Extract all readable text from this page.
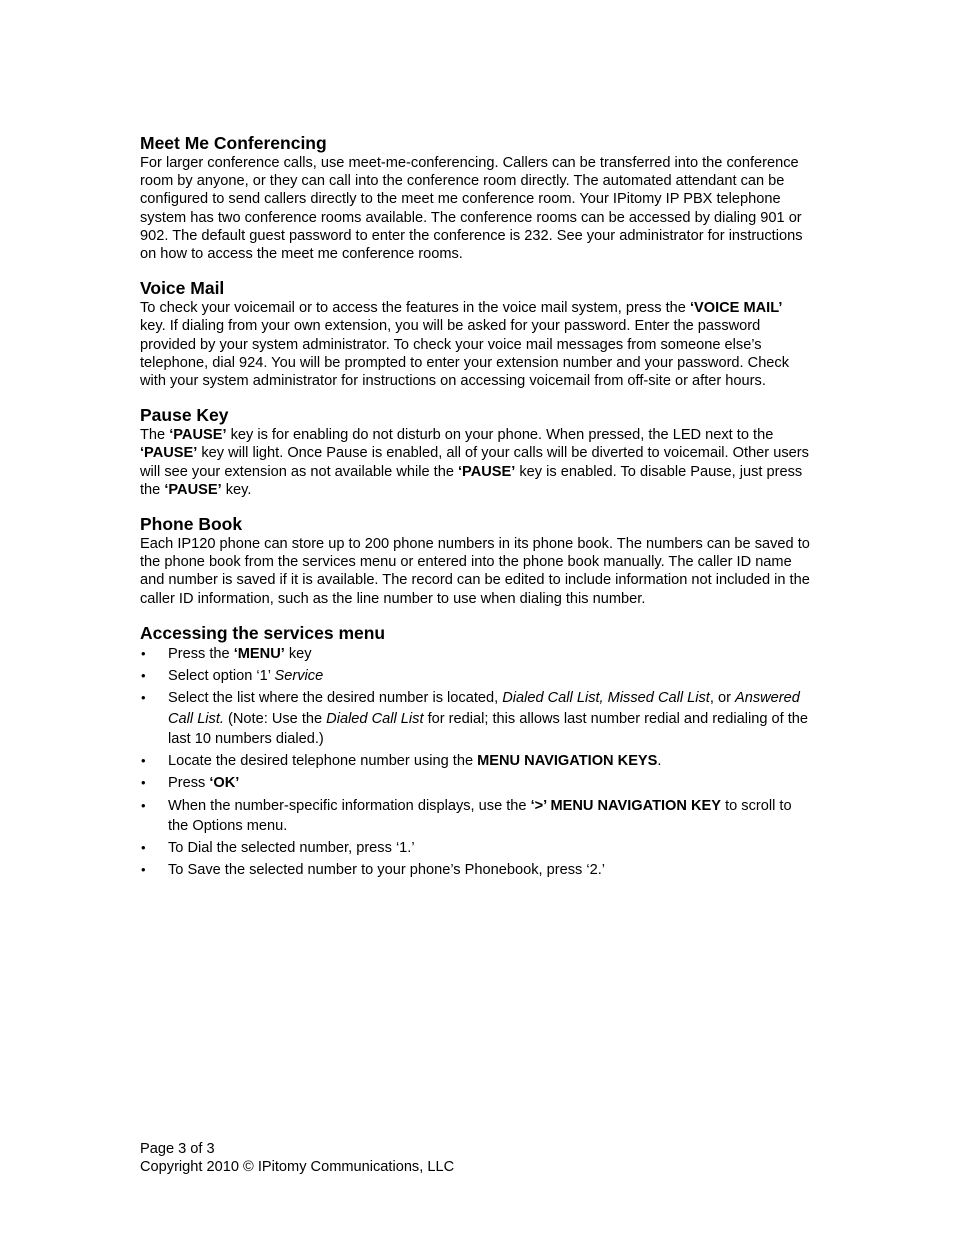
Meet Me Conferencing

For larger conference calls, use meet-me-conferencing. Callers can be transferred into the conference room by anyone, or they can call into the conference room directly. The automated attendant can be configured to send callers directly to the meet me conference room. Your IPitomy IP PBX telephone system has two conference rooms available. The conference rooms can be accessed by dialing 901 or 902. The default guest password to enter the conference is 232. See your administrator for instructions on how to access the meet me conference rooms.

Voice Mail

To check your voicemail or to access the features in the voice mail system, press the ‘VOICE MAIL’ key. If dialing from your own extension, you will be asked for your password. Enter the password provided by your system administrator. To check your voice mail messages from someone else’s telephone, dial 924. You will be prompted to enter your extension number and your password. Check with your system administrator for instructions on accessing voicemail from off-site or after hours.

Pause Key

The ‘PAUSE’ key is for enabling do not disturb on your phone. When pressed, the LED next to the ‘PAUSE’ key will light. Once Pause is enabled, all of your calls will be diverted to voicemail. Other users will see your extension as not available while the ‘PAUSE’ key is enabled. To disable Pause, just press the ‘PAUSE’ key.

Phone Book

Each IP120 phone can store up to 200 phone numbers in its phone book. The numbers can be saved to the phone book from the services menu or entered into the phone book manually. The caller ID name and number is saved if it is available. The record can be edited to include information not included in the caller ID information, such as the line number to use when dialing this number.

Accessing the services menu
• Press the ‘MENU’ key
• Select option ‘1’ Service
• Select the list where the desired number is located, Dialed Call List, Missed Call List, or Answered Call List. (Note: Use the Dialed Call List for redial; this allows last number redial and redialing of the last 10 numbers dialed.)
• Locate the desired telephone number using the MENU NAVIGATION KEYS.
• Press ‘OK’
• When the number-specific information displays, use the ‘>’ MENU NAVIGATION KEY to scroll to the Options menu.
• To Dial the selected number, press ‘1.’
• To Save the selected number to your phone’s Phonebook, press ‘2.’
Page 3 of 3
Copyright 2010 © IPitomy Communications, LLC
